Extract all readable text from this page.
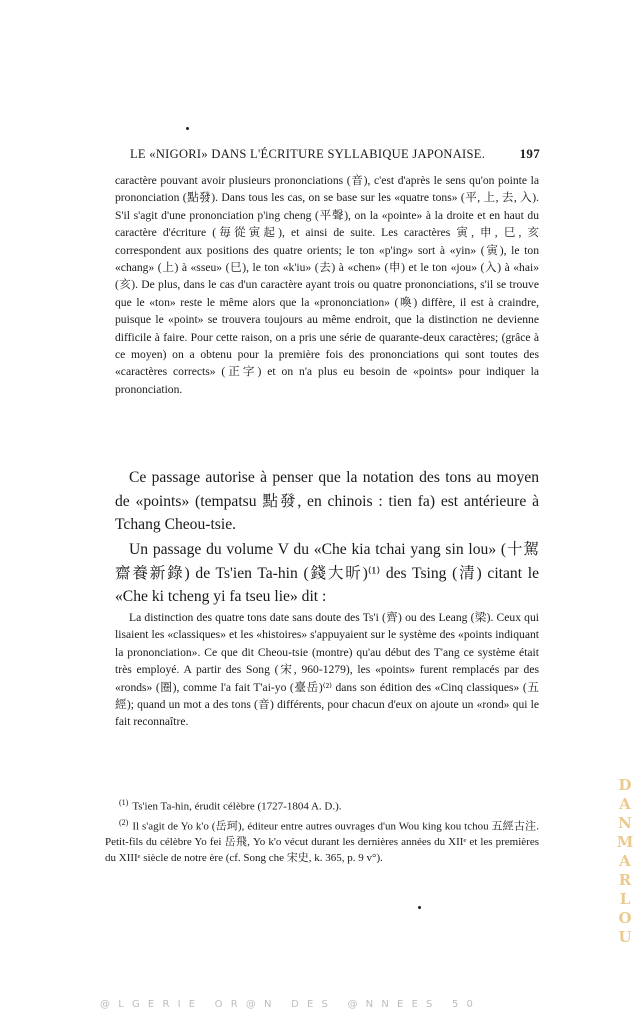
LE «NIGORI» DANS L'ÉCRITURE SYLLABIQUE JAPONAISE.	197

caractère pouvant avoir plusieurs prononciations (音), c'est d'après le sens qu'on pointe la prononciation (點發). Dans tous les cas, on se base sur les «quatre tons» (平, 上, 去, 入). S'il s'agit d'une prononciation p'ing cheng (平聲), on la «pointe» à la droite et en haut du caractère d'écriture (毎從寅起), et ainsi de suite. Les caractères 寅, 申, 巳, 亥 correspondent aux positions des quatre orients; le ton «p'ing» sort à «yin» (寅), le ton «chang» (上) à «sseu» (巳), le ton «k'iu» (去) à «chen» (申) et le ton «jou» (入) à «hai» (亥). De plus, dans le cas d'un caractère ayant trois ou quatre prononciations, s'il se trouve que le «ton» reste le même alors que la «prononciation» (喚) diffère, il est à craindre, puisque le «point» se trouvera toujours au même endroit, que la distinction ne devienne difficile à faire. Pour cette raison, on a pris une série de quarante-deux caractères; (grâce à ce moyen) on a obtenu pour la première fois des prononciations qui sont toutes des «caractères corrects» (正字) et on n'a plus eu besoin de «points» pour indiquer la prononciation.

Ce passage autorise à penser que la notation des tons au moyen de «points» (tempatsu 點發, en chinois : tien fa) est antérieure à Tchang Cheou-tsie.

Un passage du volume V du «Che kia tchai yang sin lou» (十駕齋養新錄) de Ts'ien Ta-hin (錢大昕)⁽¹⁾ des Tsing (清) citant le «Che ki tcheng yi fa tseu lie» dit :

La distinction des quatre tons date sans doute des Ts'i (齊) ou des Leang (梁). Ceux qui lisaient les «classiques» et les «histoires» s'appuyaient sur le système des «points indiquant la prononciation». Ce que dit Cheou-tsie (montre) qu'au début des T'ang ce système était très employé. A partir des Song (宋, 960-1279), les «points» furent remplacés par des «ronds» (圈), comme l'a fait T'ai-yo (臺岳)⁽²⁾ dans son édition des «Cinq classiques» (五經); quand un mot a des tons (音) différents, pour chacun d'eux on ajoute un «rond» qui le fait reconnaître.

$^{(1)}$ Ts'ien Ta-hin, érudit célèbre (1727-1804 A. D.).

$^{(2)}$ Il s'agit de Yo k'o (岳珂), éditeur entre autres ouvrages d'un Wou king kou tchou 五經古注. Petit-fils du célèbre Yo fei 岳飛, Yo k'o vécut durant les dernières années du XIIᵉ et les premières du XIIIᵉ siècle de notre ère (cf. Song che 宋史, k. 365, p. 9 v°).	DANMARLOU
@LGERIE OR@N DES @NNEES 50
